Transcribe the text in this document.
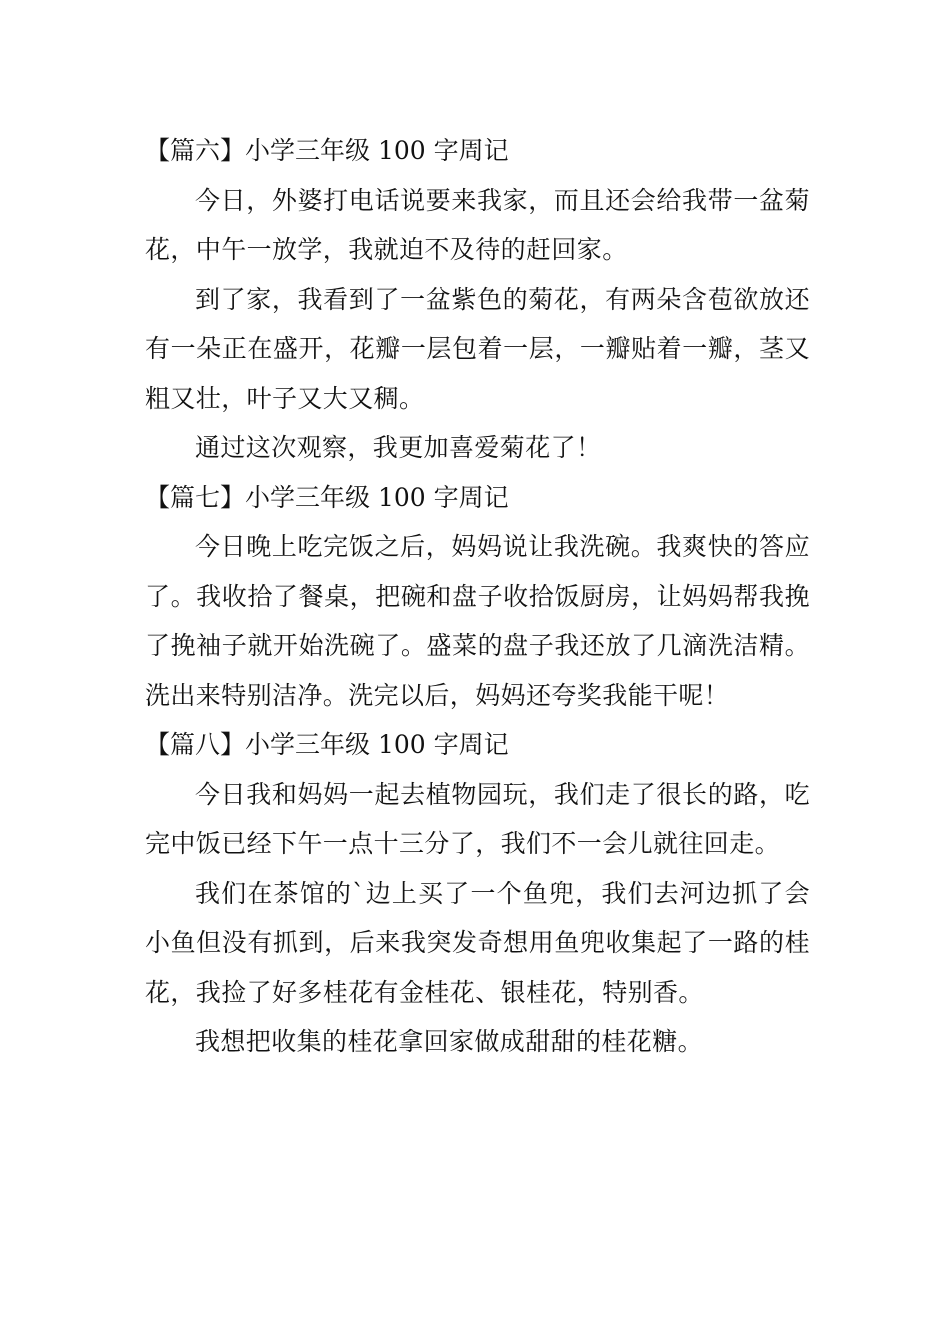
【篇六】小学三年级 100 字周记

今日，外婆打电话说要来我家，而且还会给我带一盆菊花，中午一放学，我就迫不及待的赶回家。

到了家，我看到了一盆紫色的菊花，有两朵含苞欲放还有一朵正在盛开，花瓣一层包着一层，一瓣贴着一瓣，茎又粗又壮，叶子又大又稠。

通过这次观察，我更加喜爱菊花了！

【篇七】小学三年级 100 字周记

今日晚上吃完饭之后，妈妈说让我洗碗。我爽快的答应了。我收拾了餐桌，把碗和盘子收拾饭厨房，让妈妈帮我挽了挽袖子就开始洗碗了。盛菜的盘子我还放了几滴洗洁精。洗出来特别洁净。洗完以后，妈妈还夸奖我能干呢！

【篇八】小学三年级 100 字周记

今日我和妈妈一起去植物园玩，我们走了很长的路，吃完中饭已经下午一点十三分了，我们不一会儿就往回走。

我们在茶馆的`边上买了一个鱼兜，我们去河边抓了会小鱼但没有抓到，后来我突发奇想用鱼兜收集起了一路的桂花，我捡了好多桂花有金桂花、银桂花，特别香。

我想把收集的桂花拿回家做成甜甜的桂花糖。
